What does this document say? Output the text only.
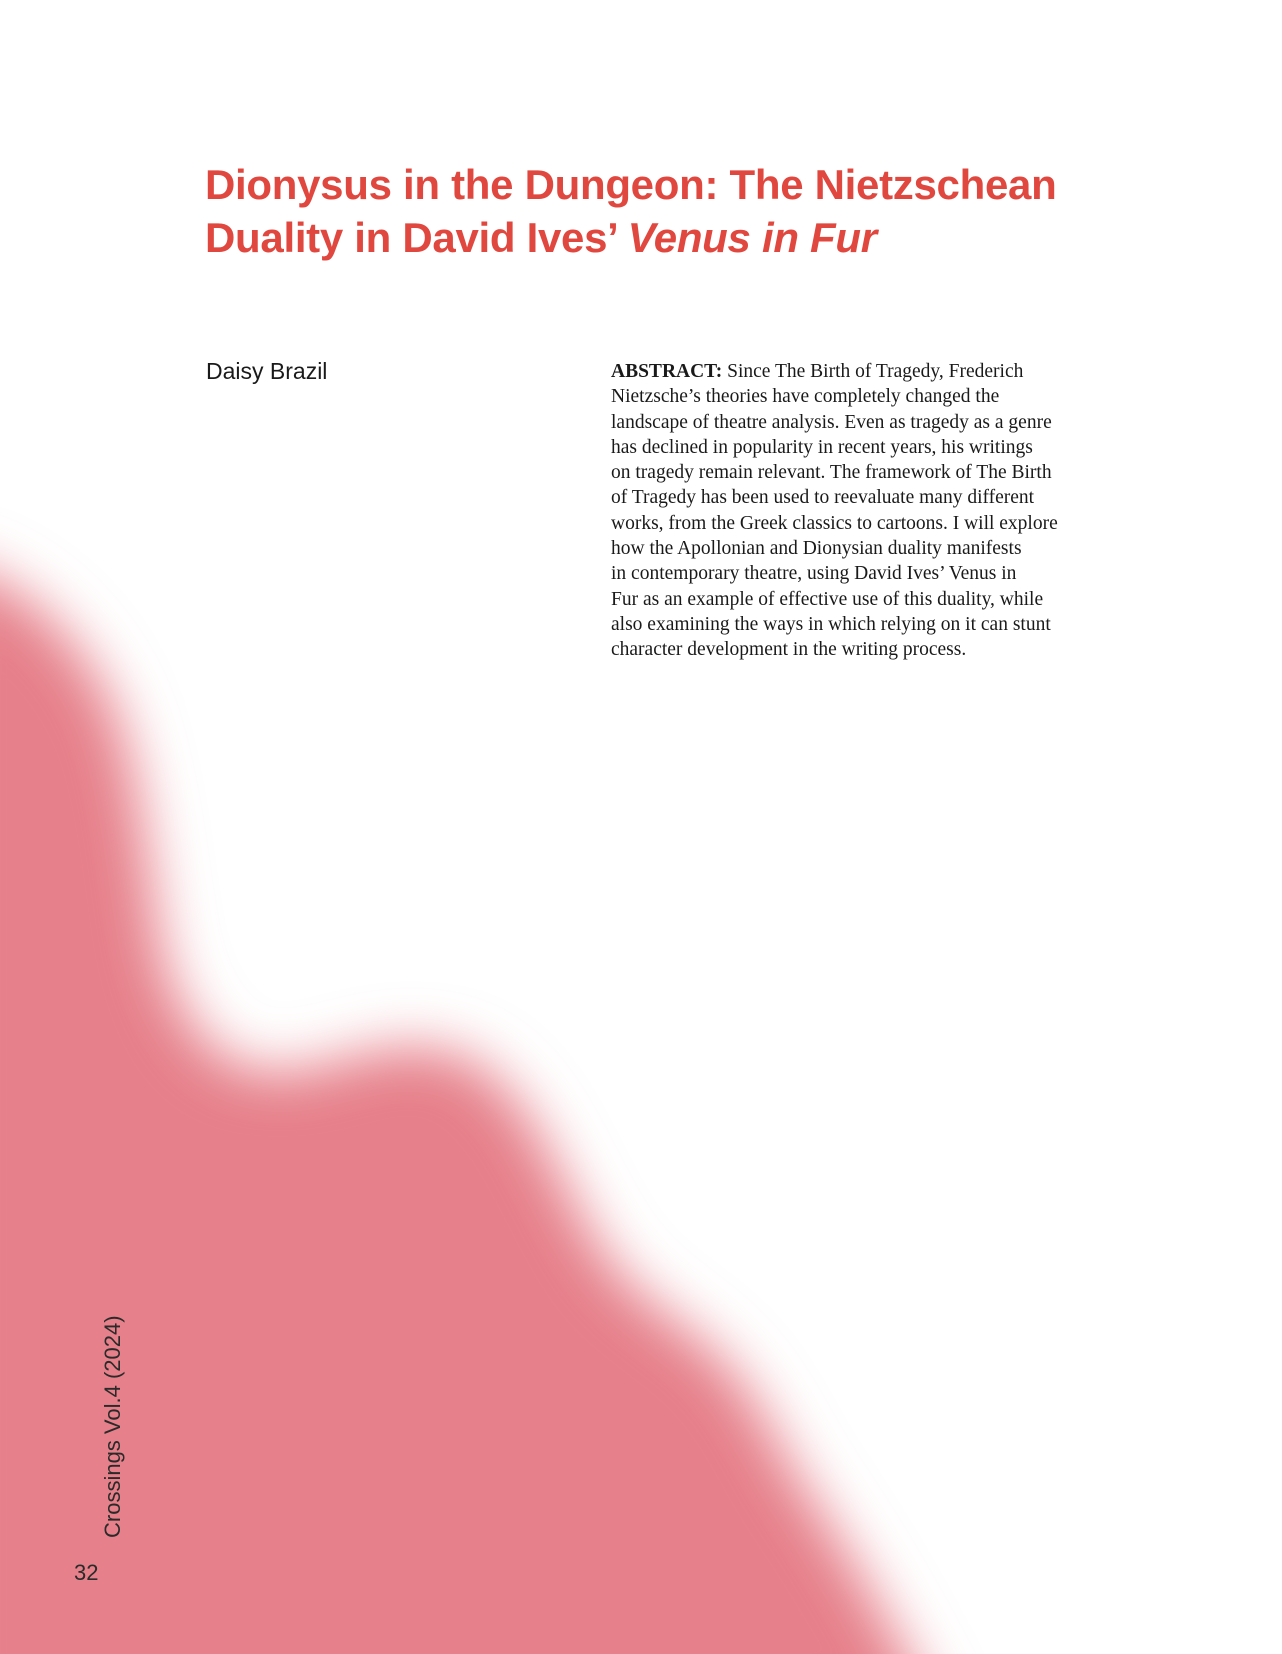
Dionysus in the Dungeon: The Nietzschean
Duality in David Ives’ Venus in Fur
Daisy Brazil	ABSTRACT: Since The Birth of Tragedy, Frederich
Nietzsche’s theories have completely changed the
landscape of theatre analysis. Even as tragedy as a genre
has declined in popularity in recent years, his writings
on tragedy remain relevant. The framework of The Birth
of Tragedy has been used to reevaluate many different
works, from the Greek classics to cartoons. I will explore
how the Apollonian and Dionysian duality manifests
in contemporary theatre, using David Ives’ Venus in
Fur as an example of effective use of this duality, while
also examining the ways in which relying on it can stunt
character development in the writing process.
Crossings Vol.4 (2024)
32
